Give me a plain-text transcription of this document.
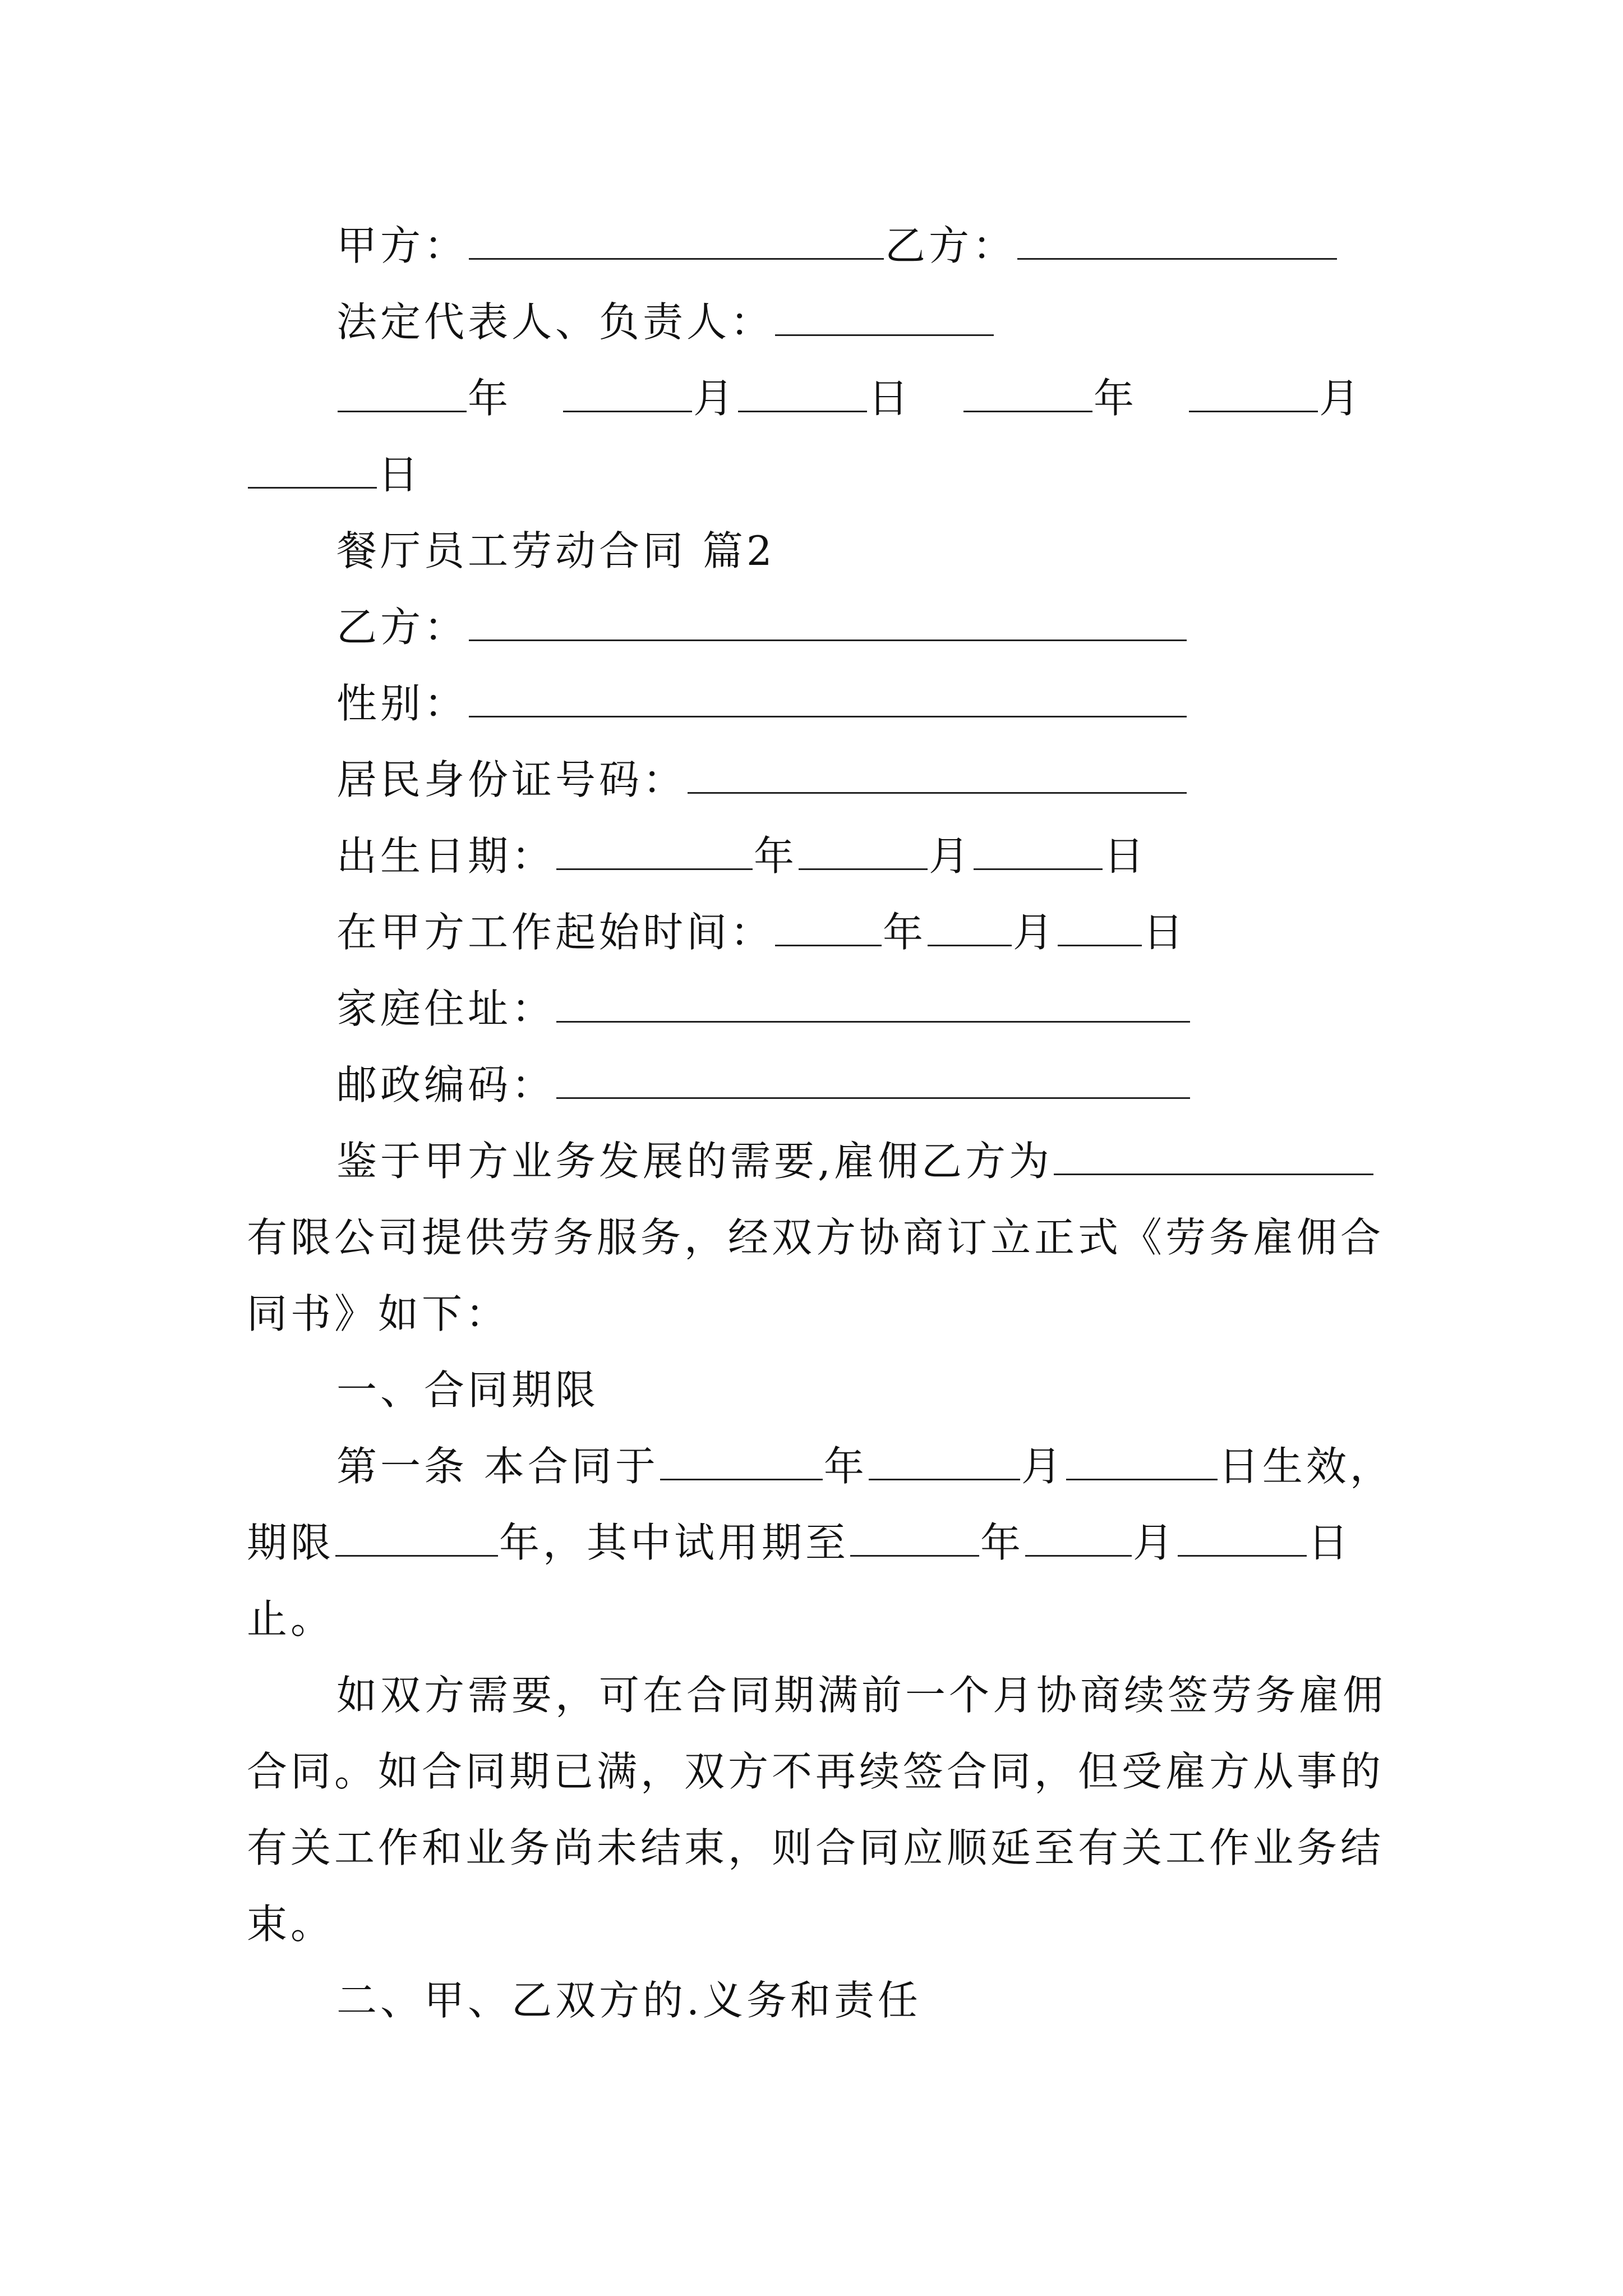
甲方：	乙方：
法定代表人、负责人：
年	月	日	年	月
日
餐厅员工劳动合同 篇2
乙方：
性别：
居民身份证号码：
出生日期：	年	月	日
在甲方工作起始时间：	年 月 日
家庭住址：
邮政编码：
鉴于甲方业务发展的需要,雇佣乙方为
有限公司提供劳务服务，经双方协商订立正式《劳务雇佣合
同书》如下：
一、合同期限
第一条 本合同于	年	月	日生效，
期限	年，其中试用期至	年	月	日
止。
如双方需要，可在合同期满前一个月协商续签劳务雇佣
合同。如合同期已满，双方不再续签合同，但受雇方从事的
有关工作和业务尚未结束，则合同应顺延至有关工作业务结
束。
二、甲、乙双方的.义务和责任
